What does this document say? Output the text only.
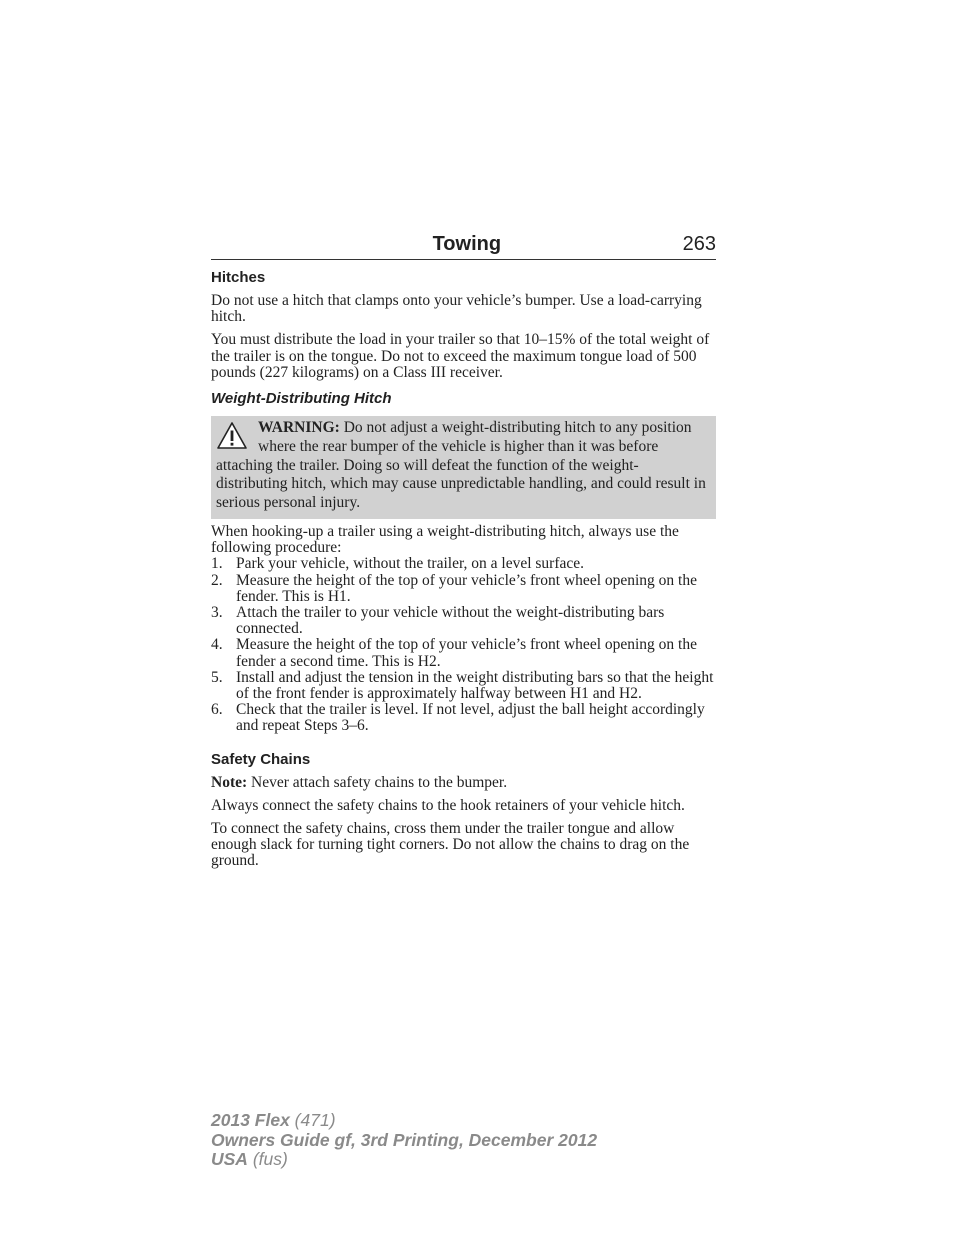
Towing	263
Hitches

Do not use a hitch that clamps onto your vehicle’s bumper. Use a load-carrying hitch.

You must distribute the load in your trailer so that 10–15% of the total weight of the trailer is on the tongue. Do not to exceed the maximum tongue load of 500 pounds (227 kilograms) on a Class III receiver.

Weight-Distributing Hitch
WARNING: Do not adjust a weight-distributing hitch to any position where the rear bumper of the vehicle is higher than it was before attaching the trailer. Doing so will defeat the function of the weight-distributing hitch, which may cause unpredictable handling, and could result in serious personal injury.

When hooking-up a trailer using a weight-distributing hitch, always use the following procedure:

1. Park your vehicle, without the trailer, on a level surface.
2. Measure the height of the top of your vehicle’s front wheel opening on the fender. This is H1.
3. Attach the trailer to your vehicle without the weight-distributing bars connected.
4. Measure the height of the top of your vehicle’s front wheel opening on the fender a second time. This is H2.
5. Install and adjust the tension in the weight distributing bars so that the height of the front fender is approximately halfway between H1 and H2.
6. Check that the trailer is level. If not level, adjust the ball height accordingly and repeat Steps 3–6.
Safety Chains

Note: Never attach safety chains to the bumper.

Always connect the safety chains to the hook retainers of your vehicle hitch.

To connect the safety chains, cross them under the trailer tongue and allow enough slack for turning tight corners. Do not allow the chains to drag on the ground.

2013 Flex (471)
Owners Guide gf, 3rd Printing, December 2012
USA (fus)
